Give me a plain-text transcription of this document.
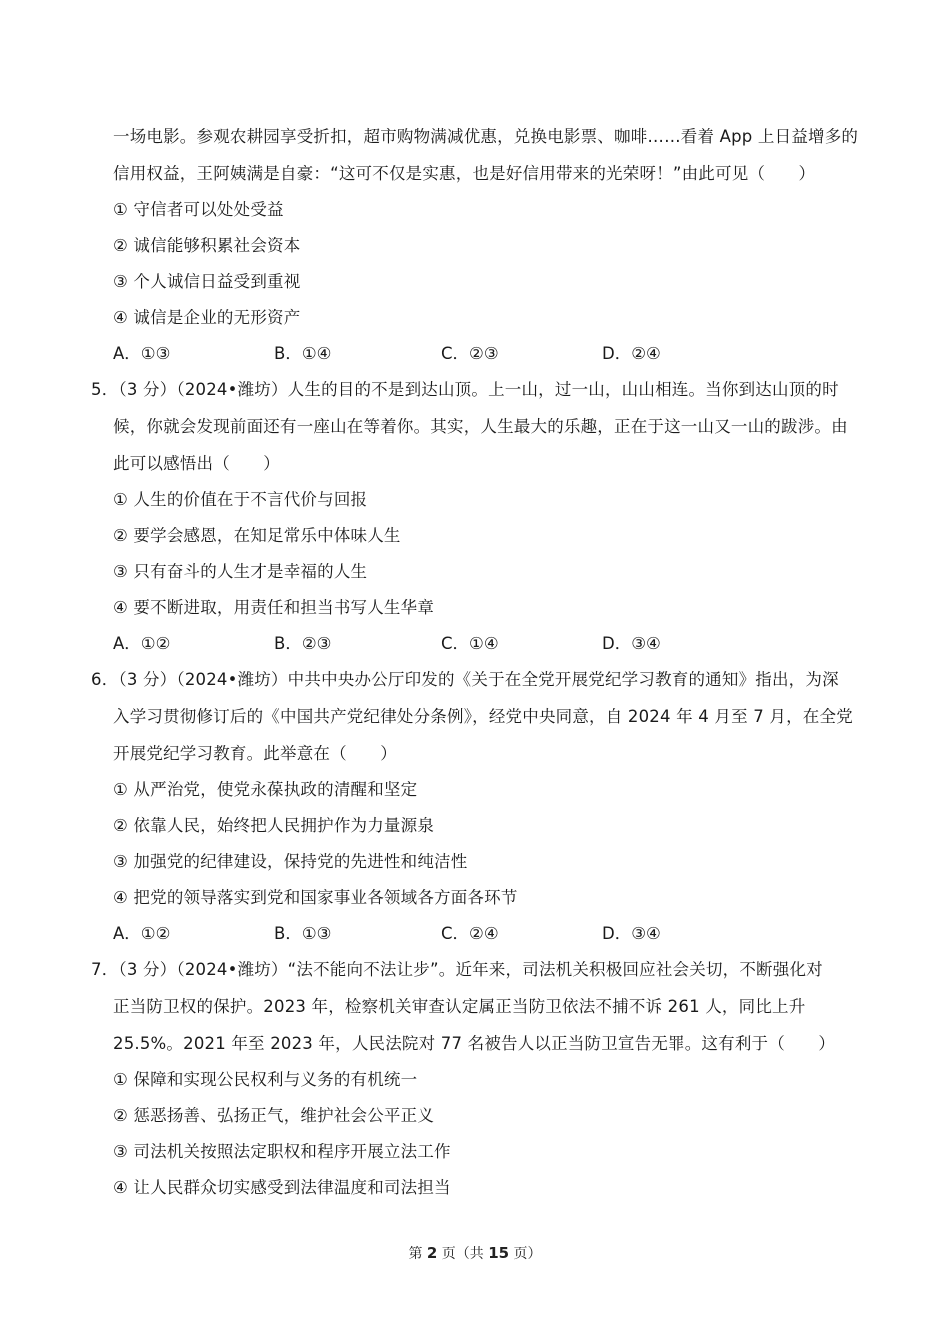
一场电影。参观农耕园享受折扣，超市购物满减优惠，兑换电影票、咖啡……看着 App 上日益增多的
信用权益，王阿姨满是自豪：“这可不仅是实惠，也是好信用带来的光荣呀！”由此可见（　　）
① 守信者可以处处受益
② 诚信能够积累社会资本
③ 个人诚信日益受到重视
④ 诚信是企业的无形资产
A．①③	B．①④	C．②③	D．②④
5．（3 分）（2024•潍坊）人生的目的不是到达山顶。上一山，过一山，山山相连。当你到达山顶的时
候，你就会发现前面还有一座山在等着你。其实，人生最大的乐趣，正在于这一山又一山的跋涉。由
此可以感悟出（　　）
① 人生的价值在于不言代价与回报
② 要学会感恩，在知足常乐中体味人生
③ 只有奋斗的人生才是幸福的人生
④ 要不断进取，用责任和担当书写人生华章
A．①②	B．②③	C．①④	D．③④
6．（3 分）（2024•潍坊）中共中央办公厅印发的《关于在全党开展党纪学习教育的通知》指出，为深
入学习贯彻修订后的《中国共产党纪律处分条例》，经党中央同意，自 2024 年 4 月至 7 月，在全党
开展党纪学习教育。此举意在（　　）
① 从严治党，使党永葆执政的清醒和坚定
② 依靠人民，始终把人民拥护作为力量源泉
③ 加强党的纪律建设，保持党的先进性和纯洁性
④ 把党的领导落实到党和国家事业各领域各方面各环节
A．①②	B．①③	C．②④	D．③④
7．（3 分）（2024•潍坊）“法不能向不法让步”。近年来，司法机关积极回应社会关切，不断强化对
正当防卫权的保护。2023 年，检察机关审查认定属正当防卫依法不捕不诉 261 人，同比上升
25.5%。2021 年至 2023 年，人民法院对 77 名被告人以正当防卫宣告无罪。这有利于（　　）
① 保障和实现公民权利与义务的有机统一
② 惩恶扬善、弘扬正气，维护社会公平正义
③ 司法机关按照法定职权和程序开展立法工作
④ 让人民群众切实感受到法律温度和司法担当
第 2 页（共 15 页）
